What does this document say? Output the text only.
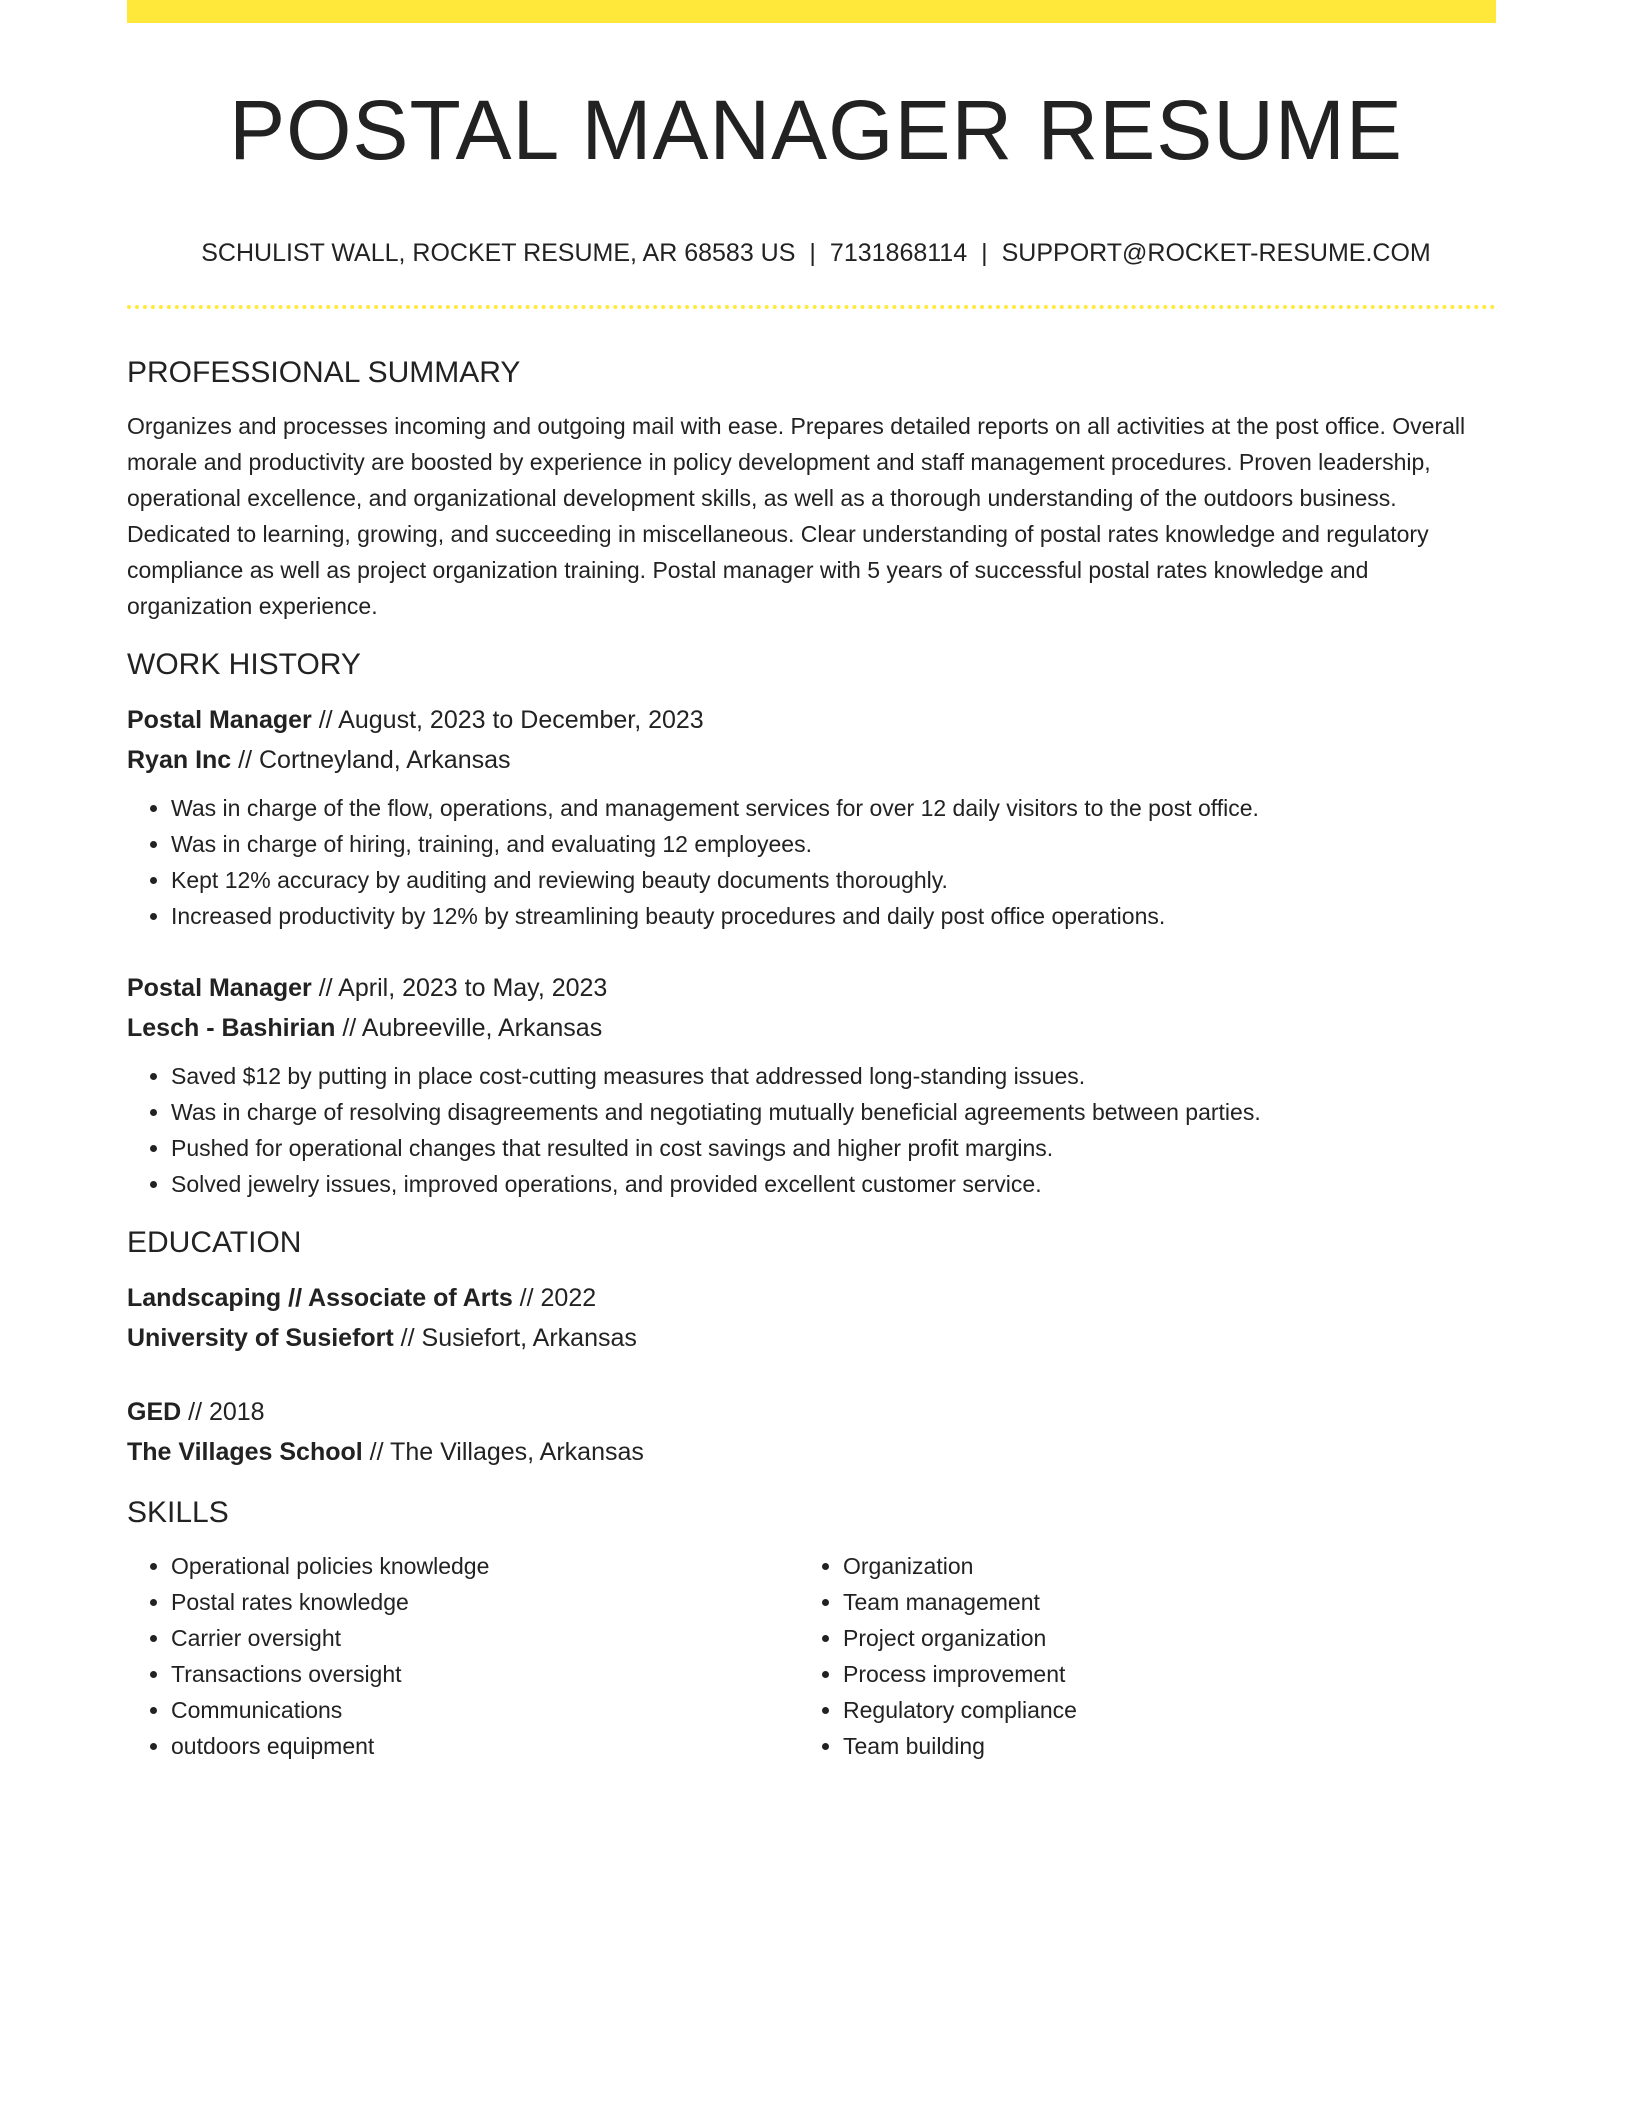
POSTAL MANAGER RESUME
SCHULIST WALL, ROCKET RESUME, AR 68583 US | 7131868114 | SUPPORT@ROCKET-RESUME.COM
PROFESSIONAL SUMMARY

Organizes and processes incoming and outgoing mail with ease. Prepares detailed reports on all activities at the post office. Overall morale and productivity are boosted by experience in policy development and staff management procedures. Proven leadership, operational excellence, and organizational development skills, as well as a thorough understanding of the outdoors business. Dedicated to learning, growing, and succeeding in miscellaneous. Clear understanding of postal rates knowledge and regulatory compliance as well as project organization training. Postal manager with 5 years of successful postal rates knowledge and organization experience.

WORK HISTORY

Postal Manager // August, 2023 to December, 2023

Ryan Inc // Cortneyland, Arkansas

• Was in charge of the flow, operations, and management services for over 12 daily visitors to the post office.
• Was in charge of hiring, training, and evaluating 12 employees.
• Kept 12% accuracy by auditing and reviewing beauty documents thoroughly.
• Increased productivity by 12% by streamlining beauty procedures and daily post office operations.

Postal Manager // April, 2023 to May, 2023

Lesch - Bashirian // Aubreeville, Arkansas

• Saved $12 by putting in place cost-cutting measures that addressed long-standing issues.
• Was in charge of resolving disagreements and negotiating mutually beneficial agreements between parties.
• Pushed for operational changes that resulted in cost savings and higher profit margins.
• Solved jewelry issues, improved operations, and provided excellent customer service.
EDUCATION

Landscaping // Associate of Arts // 2022

University of Susiefort // Susiefort, Arkansas

GED // 2018

The Villages School // The Villages, Arkansas

SKILLS
• Operational policies knowledge
• Postal rates knowledge
• Carrier oversight
• Transactions oversight
• Communications
• outdoors equipment
• Organization
• Team management
• Project organization
• Process improvement
• Regulatory compliance
• Team building
